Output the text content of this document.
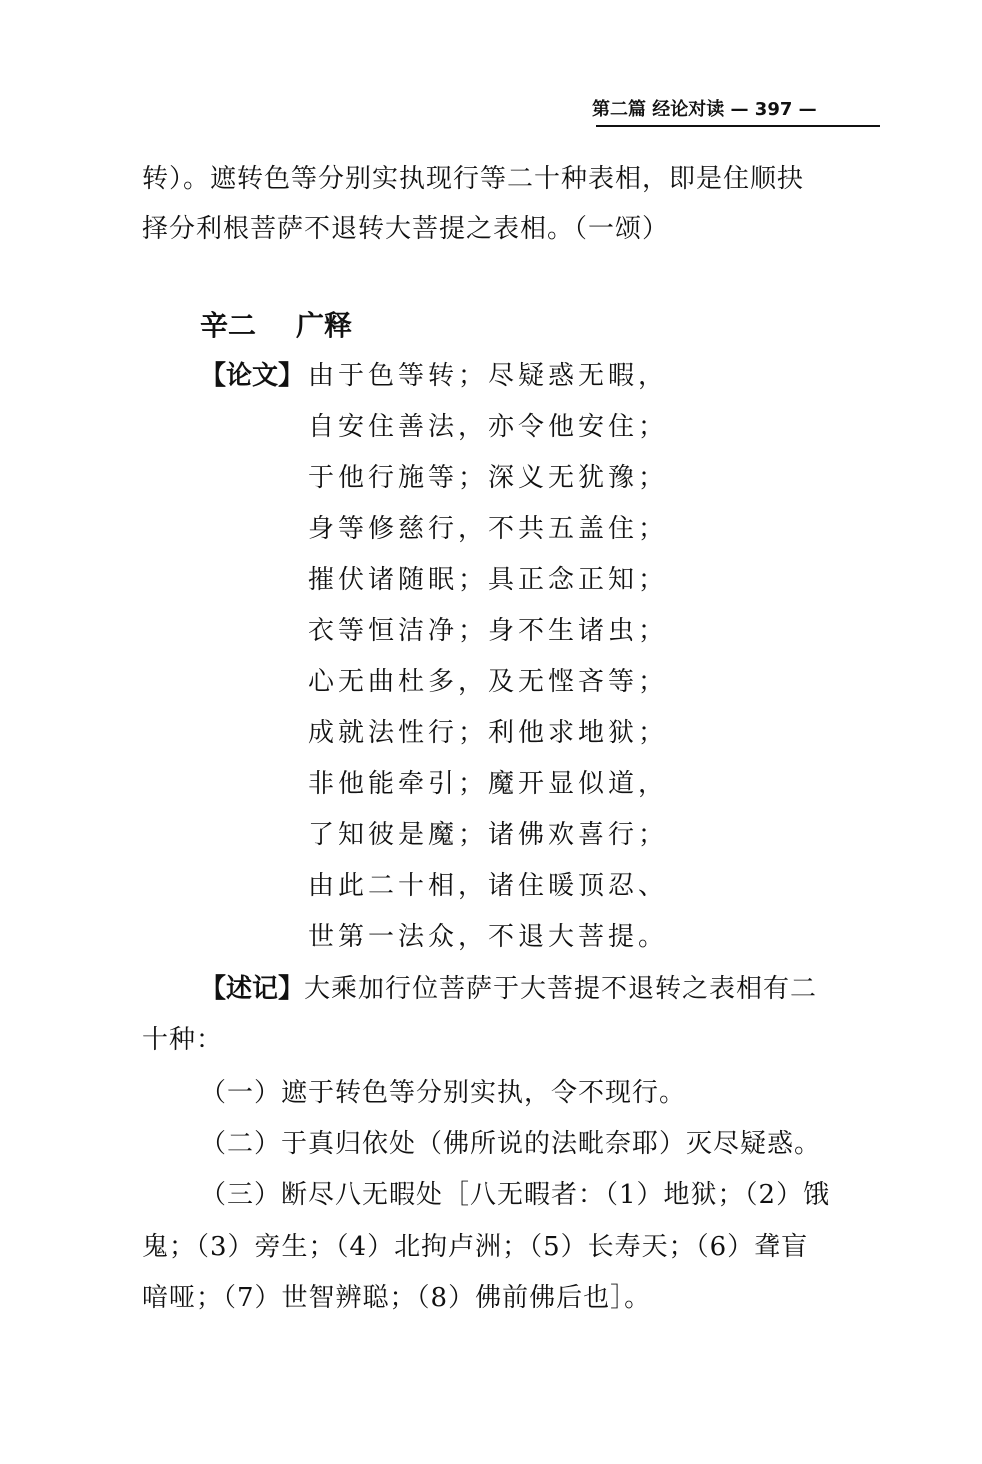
第二篇 经论对读 — 397 —
转）。遮转色等分别实执现行等二十种表相，即是住顺抉
择分利根菩萨不退转大菩提之表相。（一颂）
辛二 广释
【论文】 由于色等转；尽疑惑无暇，
自安住善法，亦令他安住；
于他行施等；深义无犹豫；
身等修慈行，不共五盖住；
摧伏诸随眠；具正念正知；
衣等恒洁净；身不生诸虫；
心无曲杜多，及无悭吝等；
成就法性行；利他求地狱；
非他能牵引；魔开显似道，
了知彼是魔；诸佛欢喜行；
由此二十相，诸住暖顶忍、
世第一法众，不退大菩提。
【述记】 大乘加行位菩萨于大菩提不退转之表相有二
十种：
（一）遮于转色等分别实执，令不现行。
（二）于真归依处（佛所说的法毗奈耶）灭尽疑惑。
（三）断尽八无暇处［八无暇者：（1）地狱；（2）饿
鬼；（3）旁生；（4）北拘卢洲；（5）长寿天；（6）聋盲
喑哑；（7）世智辨聪；（8）佛前佛后也］。
